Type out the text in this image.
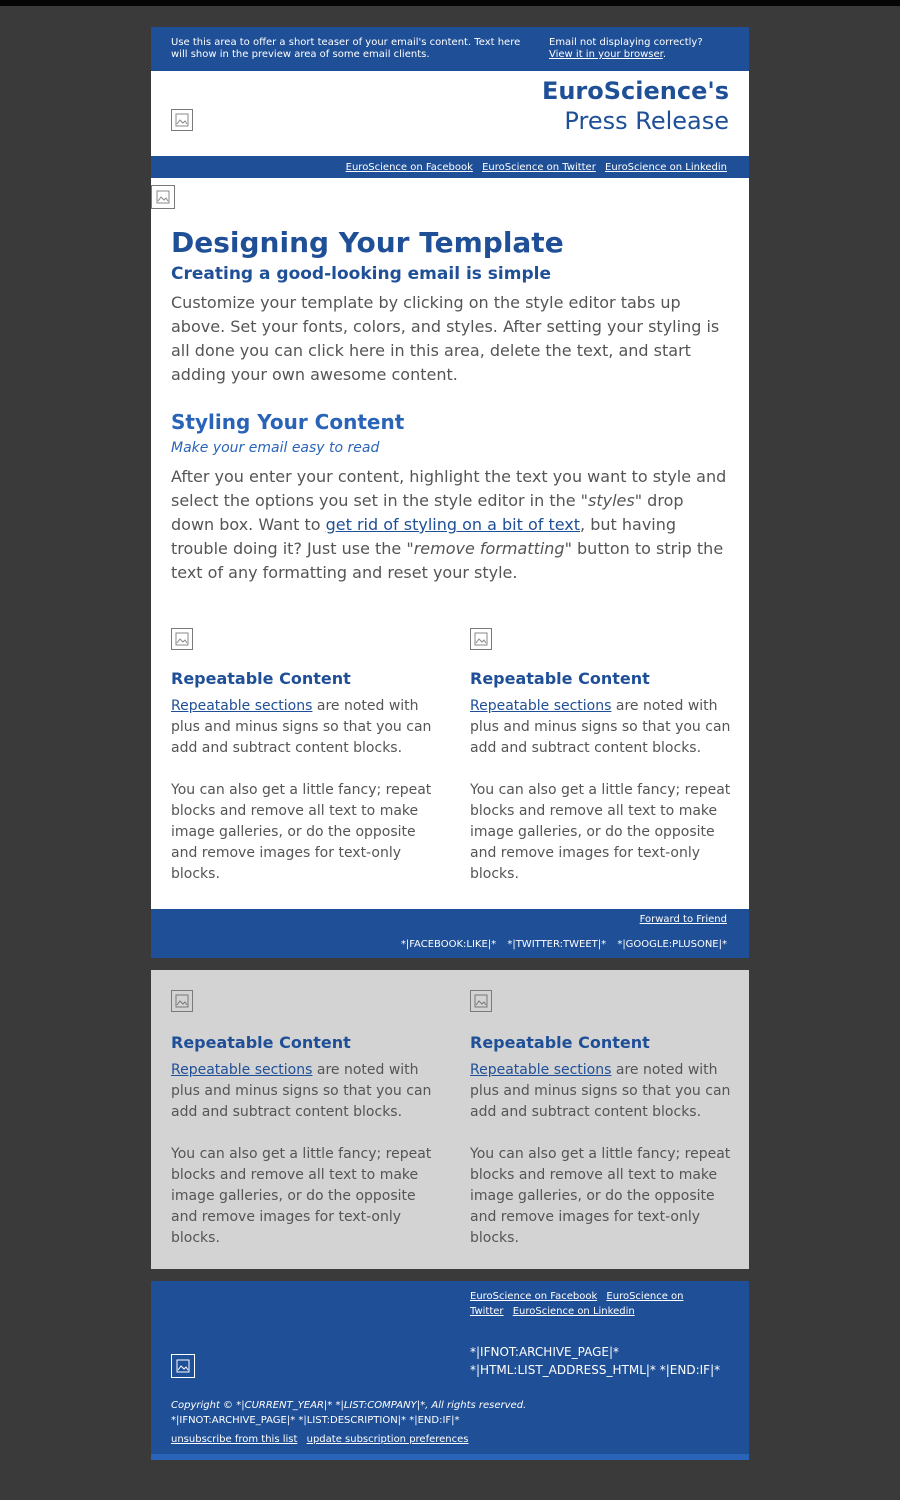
Use this area to offer a short teaser of your email's content. Text here will show in the preview area of some email clients.
Email not displaying correctly?
View it in your browser.
EuroScience's
Press Release
EuroScience on Facebook EuroScience on Twitter EuroScience on Linkedin
Designing Your Template
Creating a good-looking email is simple
Customize your template by clicking on the style editor tabs up above. Set your fonts, colors, and styles. After setting your styling is all done you can click here in this area, delete the text, and start adding your own awesome content.
Styling Your Content
Make your email easy to read
After you enter your content, highlight the text you want to style and select the options you set in the style editor in the "styles" drop down box. Want to get rid of styling on a bit of text, but having trouble doing it? Just use the "remove formatting" button to strip the text of any formatting and reset your style.
Repeatable Content
Repeatable sections are noted with plus and minus signs so that you can add and subtract content blocks.

You can also get a little fancy; repeat blocks and remove all text to make image galleries, or do the opposite and remove images for text-only blocks.
Repeatable Content
Repeatable sections are noted with plus and minus signs so that you can add and subtract content blocks.

You can also get a little fancy; repeat blocks and remove all text to make image galleries, or do the opposite and remove images for text-only blocks.
Forward to Friend
*|FACEBOOK:LIKE|* *|TWITTER:TWEET|* *|GOOGLE:PLUSONE|*
Repeatable Content
Repeatable sections are noted with plus and minus signs so that you can add and subtract content blocks.

You can also get a little fancy; repeat blocks and remove all text to make image galleries, or do the opposite and remove images for text-only blocks.
Repeatable Content
Repeatable sections are noted with plus and minus signs so that you can add and subtract content blocks.

You can also get a little fancy; repeat blocks and remove all text to make image galleries, or do the opposite and remove images for text-only blocks.
EuroScience on Facebook EuroScience on Twitter EuroScience on Linkedin
*|IFNOT:ARCHIVE_PAGE|*
*|HTML:LIST_ADDRESS_HTML|* *|END:IF|*
Copyright © *|CURRENT_YEAR|* *|LIST:COMPANY|*, All rights reserved.
*|IFNOT:ARCHIVE_PAGE|* *|LIST:DESCRIPTION|* *|END:IF|*
unsubscribe from this list update subscription preferences
